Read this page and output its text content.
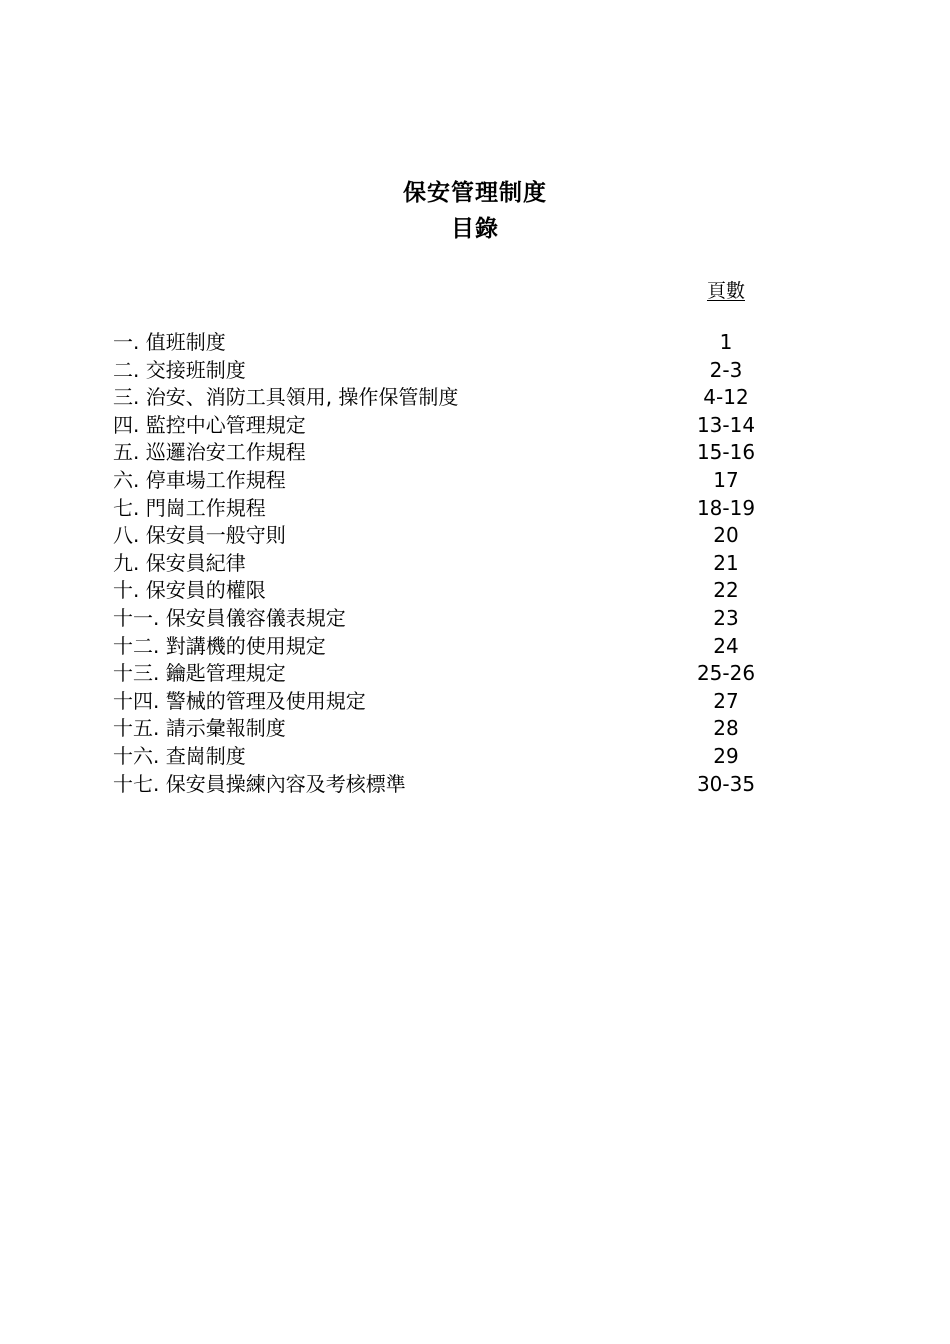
保安管理制度
目錄
頁數
一. 值班制度	1
二. 交接班制度	2-3
三. 治安、消防工具領用, 操作保管制度	4-12
四. 監控中心管理規定	13-14
五. 巡邏治安工作規程	15-16
六. 停車場工作規程	17
七. 門崗工作規程	18-19
八. 保安員一般守則	20
九. 保安員紀律	21
十. 保安員的權限	22
十一. 保安員儀容儀表規定	23
十二. 對講機的使用規定	24
十三. 鑰匙管理規定	25-26
十四. 警械的管理及使用規定	27
十五. 請示彙報制度	28
十六. 查崗制度	29
十七. 保安員操練內容及考核標準	30-35
